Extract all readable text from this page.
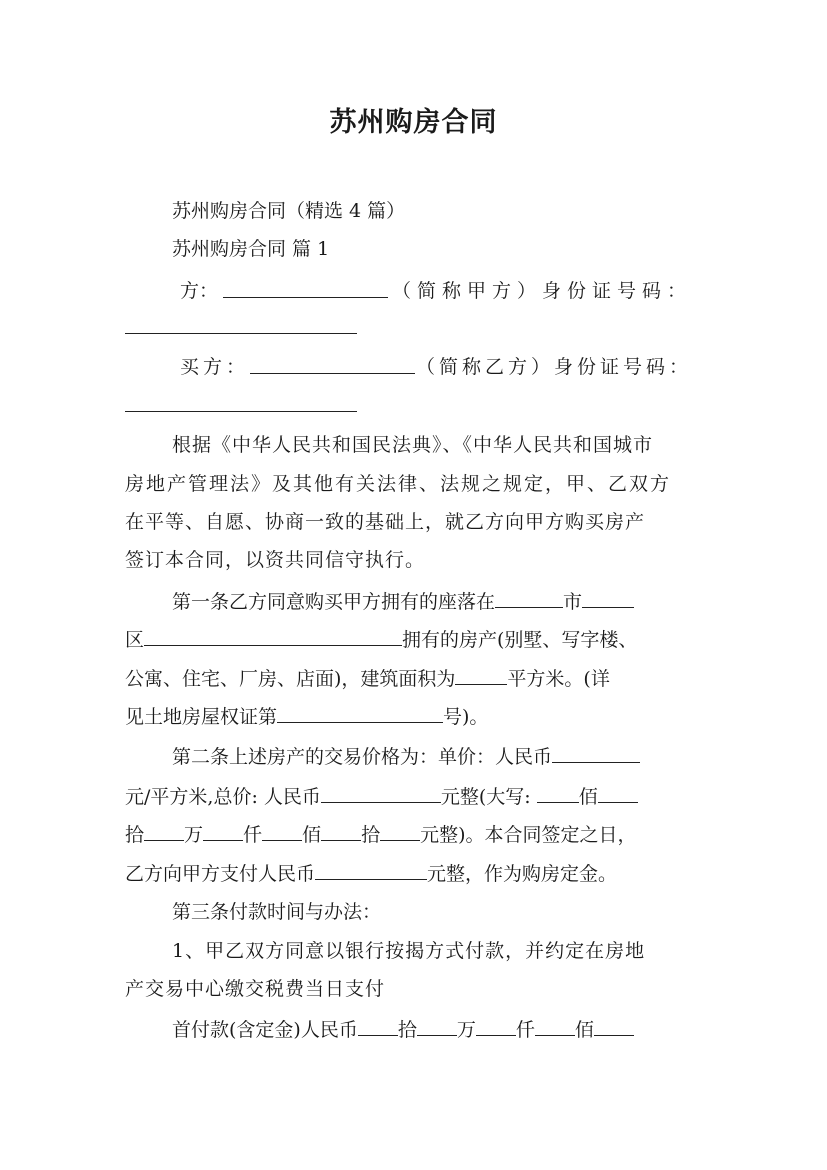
苏州购房合同
苏州购房合同（精选 4 篇）
苏州购房合同 篇 1
方：	（简称甲方）身份证号码：
买方：	（简称乙方）身份证号码：
根据《中华人民共和国民法典》、《中华人民共和国城市
房地产管理法》及其他有关法律、法规之规定，甲、乙双方
在平等、自愿、协商一致的基础上，就乙方向甲方购买房产
签订本合同，以资共同信守执行。
第一条乙方同意购买甲方拥有的座落在	市
区	拥有的房产(别墅、写字楼、
公寓、住宅、厂房、店面)，建筑面积为	平方米。(详
见土地房屋权证第	号)。
第二条上述房产的交易价格为：单价：人民币
元/平方米,总价: 人民币	元整(大写: 佰
拾 万 仟 佰 拾 元整)。本合同签定之日，
乙方向甲方支付人民币	元整，作为购房定金。
第三条付款时间与办法：
1、甲乙双方同意以银行按揭方式付款，并约定在房地
产交易中心缴交税费当日支付
首付款(含定金)人民币 拾 万 仟 佰
